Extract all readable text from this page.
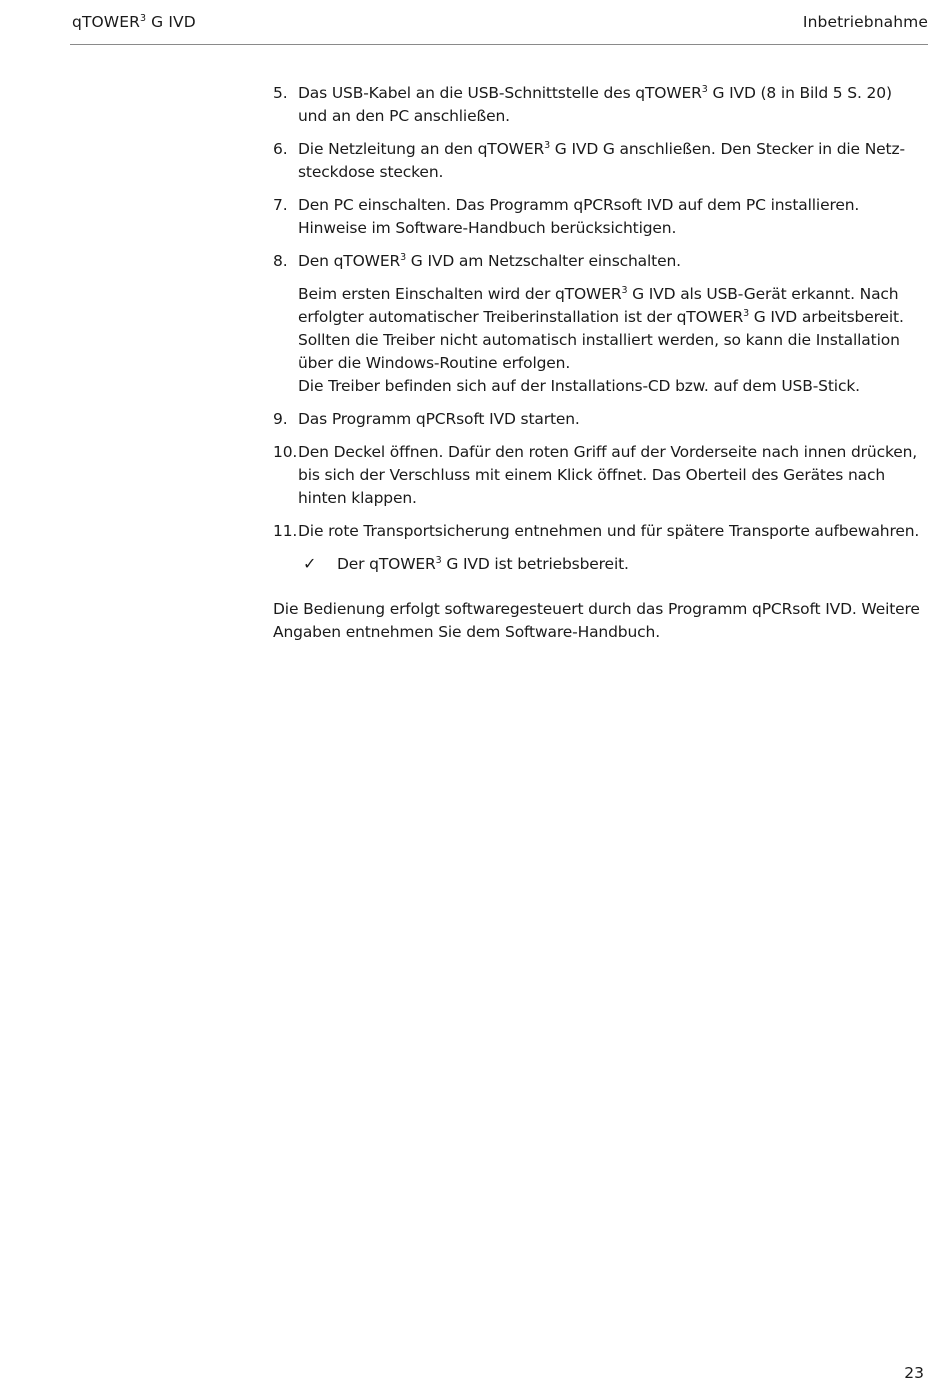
qTOWER$^3$ G IVD	Inbetriebnahme
5. Das USB-Kabel an die USB-Schnittstelle des qTOWER$^3$ G IVD (8 in Bild 5 S. 20) und an den PC anschließen.

6. Die Netzleitung an den qTOWER$^3$ G IVD G anschließen. Den Stecker in die Netzsteckdose stecken.

7. Den PC einschalten. Das Programm qPCRsoft IVD auf dem PC installieren. Hinweise im Software-Handbuch berücksichtigen.

8. Den qTOWER$^3$ G IVD am Netzschalter einschalten.

Beim ersten Einschalten wird der qTOWER$^3$ G IVD als USB-Gerät erkannt. Nach erfolgter automatischer Treiberinstallation ist der qTOWER$^3$ G IVD arbeitsbereit. Sollten die Treiber nicht automatisch installiert werden, so kann die Installation über die Windows-Routine erfolgen.

Die Treiber befinden sich auf der Installations-CD bzw. auf dem USB-Stick.

9. Das Programm qPCRsoft IVD starten.

10. Den Deckel öffnen. Dafür den roten Griff auf der Vorderseite nach innen drücken, bis sich der Verschluss mit einem Klick öffnet. Das Oberteil des Gerätes nach hinten klappen.

11. Die rote Transportsicherung entnehmen und für spätere Transporte aufbewahren.

✓ Der qTOWER$^3$ G IVD ist betriebsbereit.

Die Bedienung erfolgt softwaregesteuert durch das Programm qPCRsoft IVD. Weitere Angaben entnehmen Sie dem Software-Handbuch.

23
